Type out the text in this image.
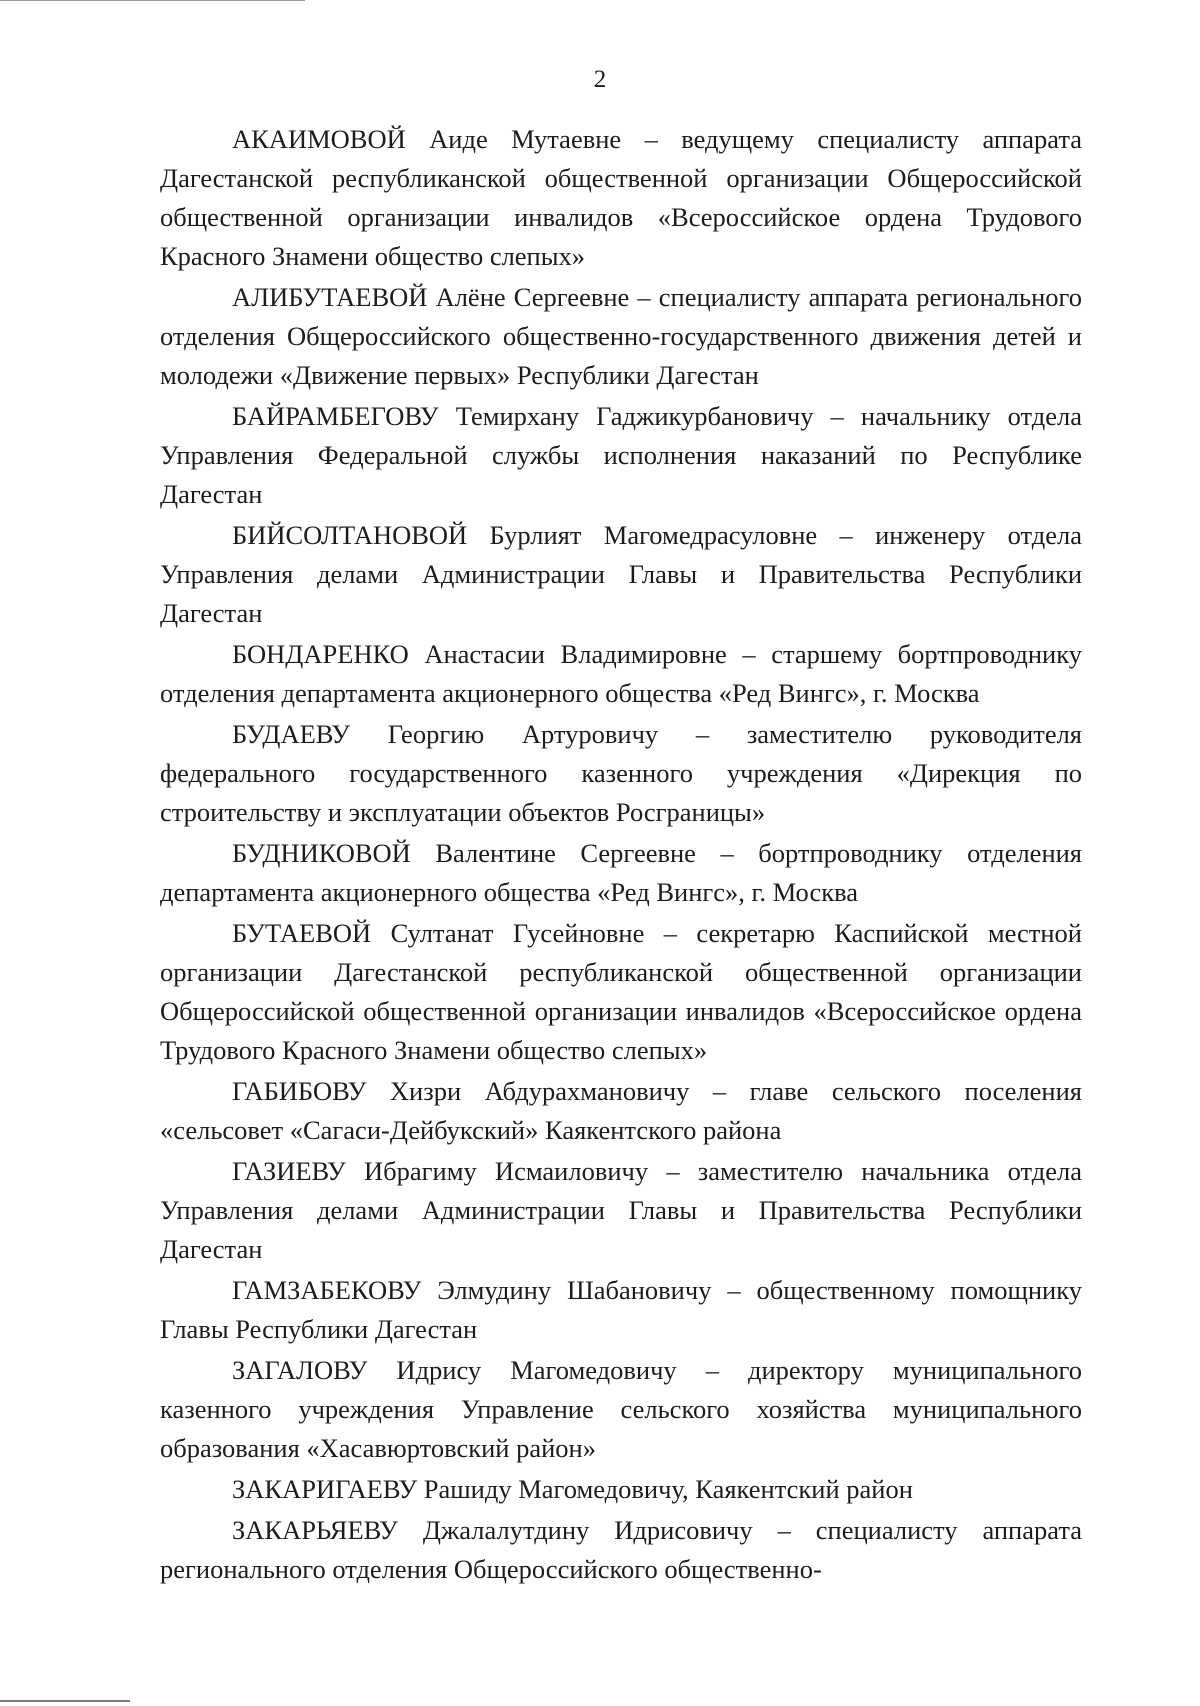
2

АКАИМОВОЙ Аиде Мутаевне – ведущему специалисту аппарата Дагестанской республиканской общественной организации Общероссийской общественной организации инвалидов «Всероссийское ордена Трудового Красного Знамени общество слепых»

АЛИБУТАЕВОЙ Алёне Сергеевне – специалисту аппарата регионального отделения Общероссийского общественно-государственного движения детей и молодежи «Движение первых» Республики Дагестан

БАЙРАМБЕГОВУ Темирхану Гаджикурбановичу – начальнику отдела Управления Федеральной службы исполнения наказаний по Республике Дагестан

БИЙСОЛТАНОВОЙ Бурлият Магомедрасуловне – инженеру отдела Управления делами Администрации Главы и Правительства Республики Дагестан

БОНДАРЕНКО Анастасии Владимировне – старшему бортпроводнику отделения департамента акционерного общества «Ред Вингс», г. Москва

БУДАЕВУ Георгию Артуровичу – заместителю руководителя федерального государственного казенного учреждения «Дирекция по строительству и эксплуатации объектов Росграницы»

БУДНИКОВОЙ Валентине Сергеевне – бортпроводнику отделения департамента акционерного общества «Ред Вингс», г. Москва

БУТАЕВОЙ Султанат Гусейновне – секретарю Каспийской местной организации Дагестанской республиканской общественной организации Общероссийской общественной организации инвалидов «Всероссийское ордена Трудового Красного Знамени общество слепых»

ГАБИБОВУ Хизри Абдурахмановичу – главе сельского поселения «сельсовет «Сагаси-Дейбукский» Каякентского района

ГАЗИЕВУ Ибрагиму Исмаиловичу – заместителю начальника отдела Управления делами Администрации Главы и Правительства Республики Дагестан

ГАМЗАБЕКОВУ Элмудину Шабановичу – общественному помощнику Главы Республики Дагестан

ЗАГАЛОВУ Идрису Магомедовичу – директору муниципального казенного учреждения Управление сельского хозяйства муниципального образования «Хасавюртовский район»

ЗАКАРИГАЕВУ Рашиду Магомедовичу, Каякентский район

ЗАКАРЬЯЕВУ Джалалутдину Идрисовичу – специалисту аппарата регионального отделения Общероссийского общественно-
